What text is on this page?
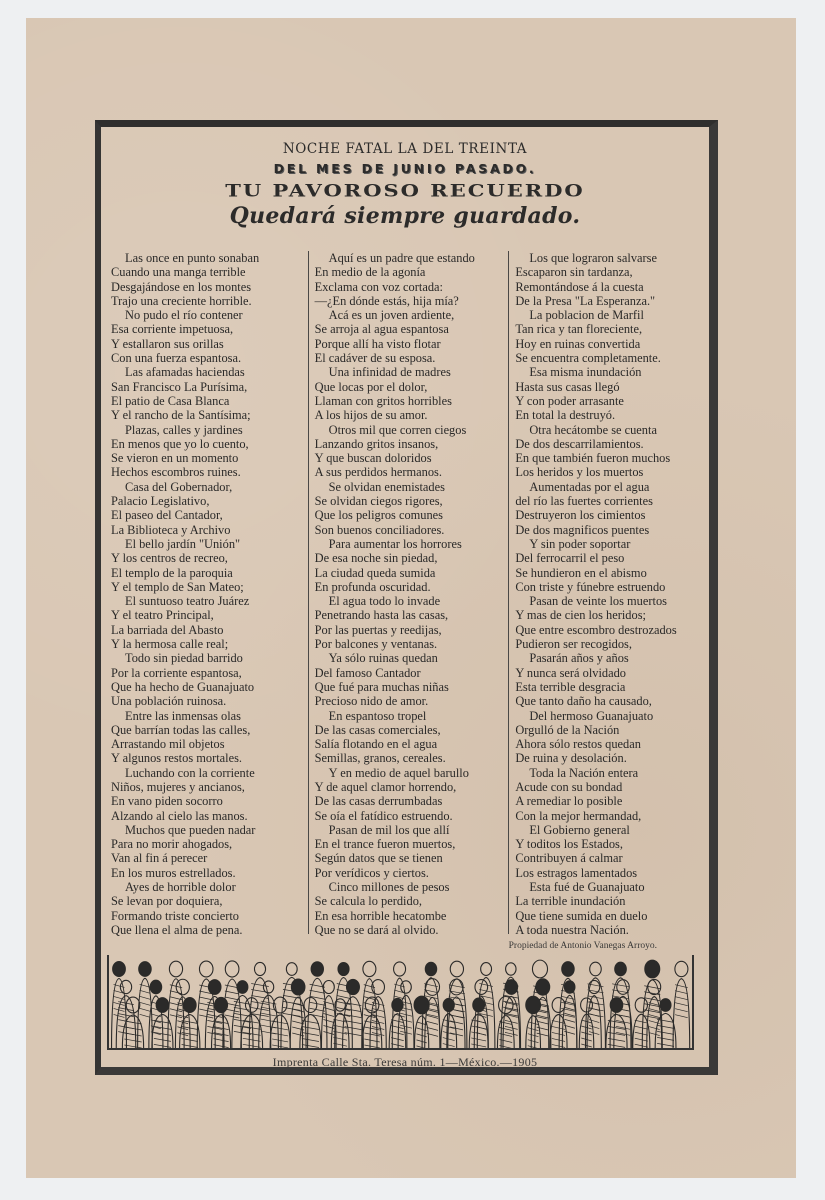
NOCHE FATAL LA DEL TREINTA
DEL MES DE JUNIO PASADO.
TU PAVOROSO RECUERDO
Quedará siempre guardado.
Las once en punto sonaban
Cuando una manga terrible
Desgajándose en los montes
Trajo una creciente horrible.
No pudo el río contener
Esa corriente impetuosa,
Y estallaron sus orillas
Con una fuerza espantosa.
Las afamadas haciendas
San Francisco La Purísima,
El patio de Casa Blanca
Y el rancho de la Santísima;
Plazas, calles y jardines
En menos que yo lo cuento,
Se vieron en un momento
Hechos escombros ruines.
Casa del Gobernador,
Palacio Legislativo,
El paseo del Cantador,
La Biblioteca y Archivo
El bello jardín "Unión"
Y los centros de recreo,
El templo de la paroquia
Y el templo de San Mateo;
El suntuoso teatro Juárez
Y el teatro Principal,
La barriada del Abasto
Y la hermosa calle real;
Todo sin piedad barrido
Por la corriente espantosa,
Que ha hecho de Guanajuato
Una población ruinosa.
Entre las inmensas olas
Que barrían todas las calles,
Arrastando mil objetos
Y algunos restos mortales.
Luchando con la corriente
Niños, mujeres y ancianos,
En vano piden socorro
Alzando al cielo las manos.
Muchos que pueden nadar
Para no morir ahogados,
Van al fin á perecer
En los muros estrellados.
Ayes de horrible dolor
Se levan por doquiera,
Formando triste concierto
Que llena el alma de pena.
Aquí es un padre que estando
En medio de la agonía
Exclama con voz cortada:
—¿En dónde estás, hija mía?
Acá es un joven ardiente,
Se arroja al agua espantosa
Porque allí ha visto flotar
El cadáver de su esposa.
Una infinidad de madres
Que locas por el dolor,
Llaman con gritos horribles
A los hijos de su amor.
Otros mil que corren ciegos
Lanzando gritos insanos,
Y que buscan doloridos
A sus perdidos hermanos.
Se olvidan enemistades
Se olvidan ciegos rigores,
Que los peligros comunes
Son buenos conciliadores.
Para aumentar los horrores
De esa noche sin piedad,
La ciudad queda sumida
En profunda oscuridad.
El agua todo lo invade
Penetrando hasta las casas,
Por las puertas y reedijas,
Por balcones y ventanas.
Ya sólo ruinas quedan
Del famoso Cantador
Que fué para muchas niñas
Precioso nido de amor.
En espantoso tropel
De las casas comerciales,
Salía flotando en el agua
Semillas, granos, cereales.
Y en medio de aquel barullo
Y de aquel clamor horrendo,
De las casas derrumbadas
Se oía el fatídico estruendo.
Pasan de mil los que allí
En el trance fueron muertos,
Según datos que se tienen
Por verídicos y ciertos.
Cinco millones de pesos
Se calcula lo perdido,
En esa horrible hecatombe
Que no se dará al olvido.
Los que lograron salvarse
Escaparon sin tardanza,
Remontándose á la cuesta
De la Presa "La Esperanza."
La poblacion de Marfil
Tan rica y tan floreciente,
Hoy en ruinas convertida
Se encuentra completamente.
Esa misma inundación
Hasta sus casas llegó
Y con poder arrasante
En total la destruyó.
Otra hecátombe se cuenta
De dos descarrilamientos.
En que también fueron muchos
Los heridos y los muertos
Aumentadas por el agua
del río las fuertes corrientes
Destruyeron los cimientos
De dos magnificos puentes
Y sin poder soportar
Del ferrocarril el peso
Se hundieron en el abismo
Con triste y fúnebre estruendo
Pasan de veinte los muertos
Y mas de cien los heridos;
Que entre escombro destrozados
Pudieron ser recogidos,
Pasarán años y años
Y nunca será olvidado
Esta terrible desgracia
Que tanto daño ha causado,
Del hermoso Guanajuato
Orgulló de la Nación
Ahora sólo restos quedan
De ruina y desolación.
Toda la Nación entera
Acude con su bondad
A remediar lo posible
Con la mejor hermandad,
El Gobierno general
Y toditos los Estados,
Contribuyen á calmar
Los estragos lamentados
Esta fué de Guanajuato
La terrible inundación
Que tiene sumida en duelo
A toda nuestra Nación.
Propiedad de Antonio Vanegas Arroyo.
Imprenta Calle Sta. Teresa núm. 1—México.—1905
